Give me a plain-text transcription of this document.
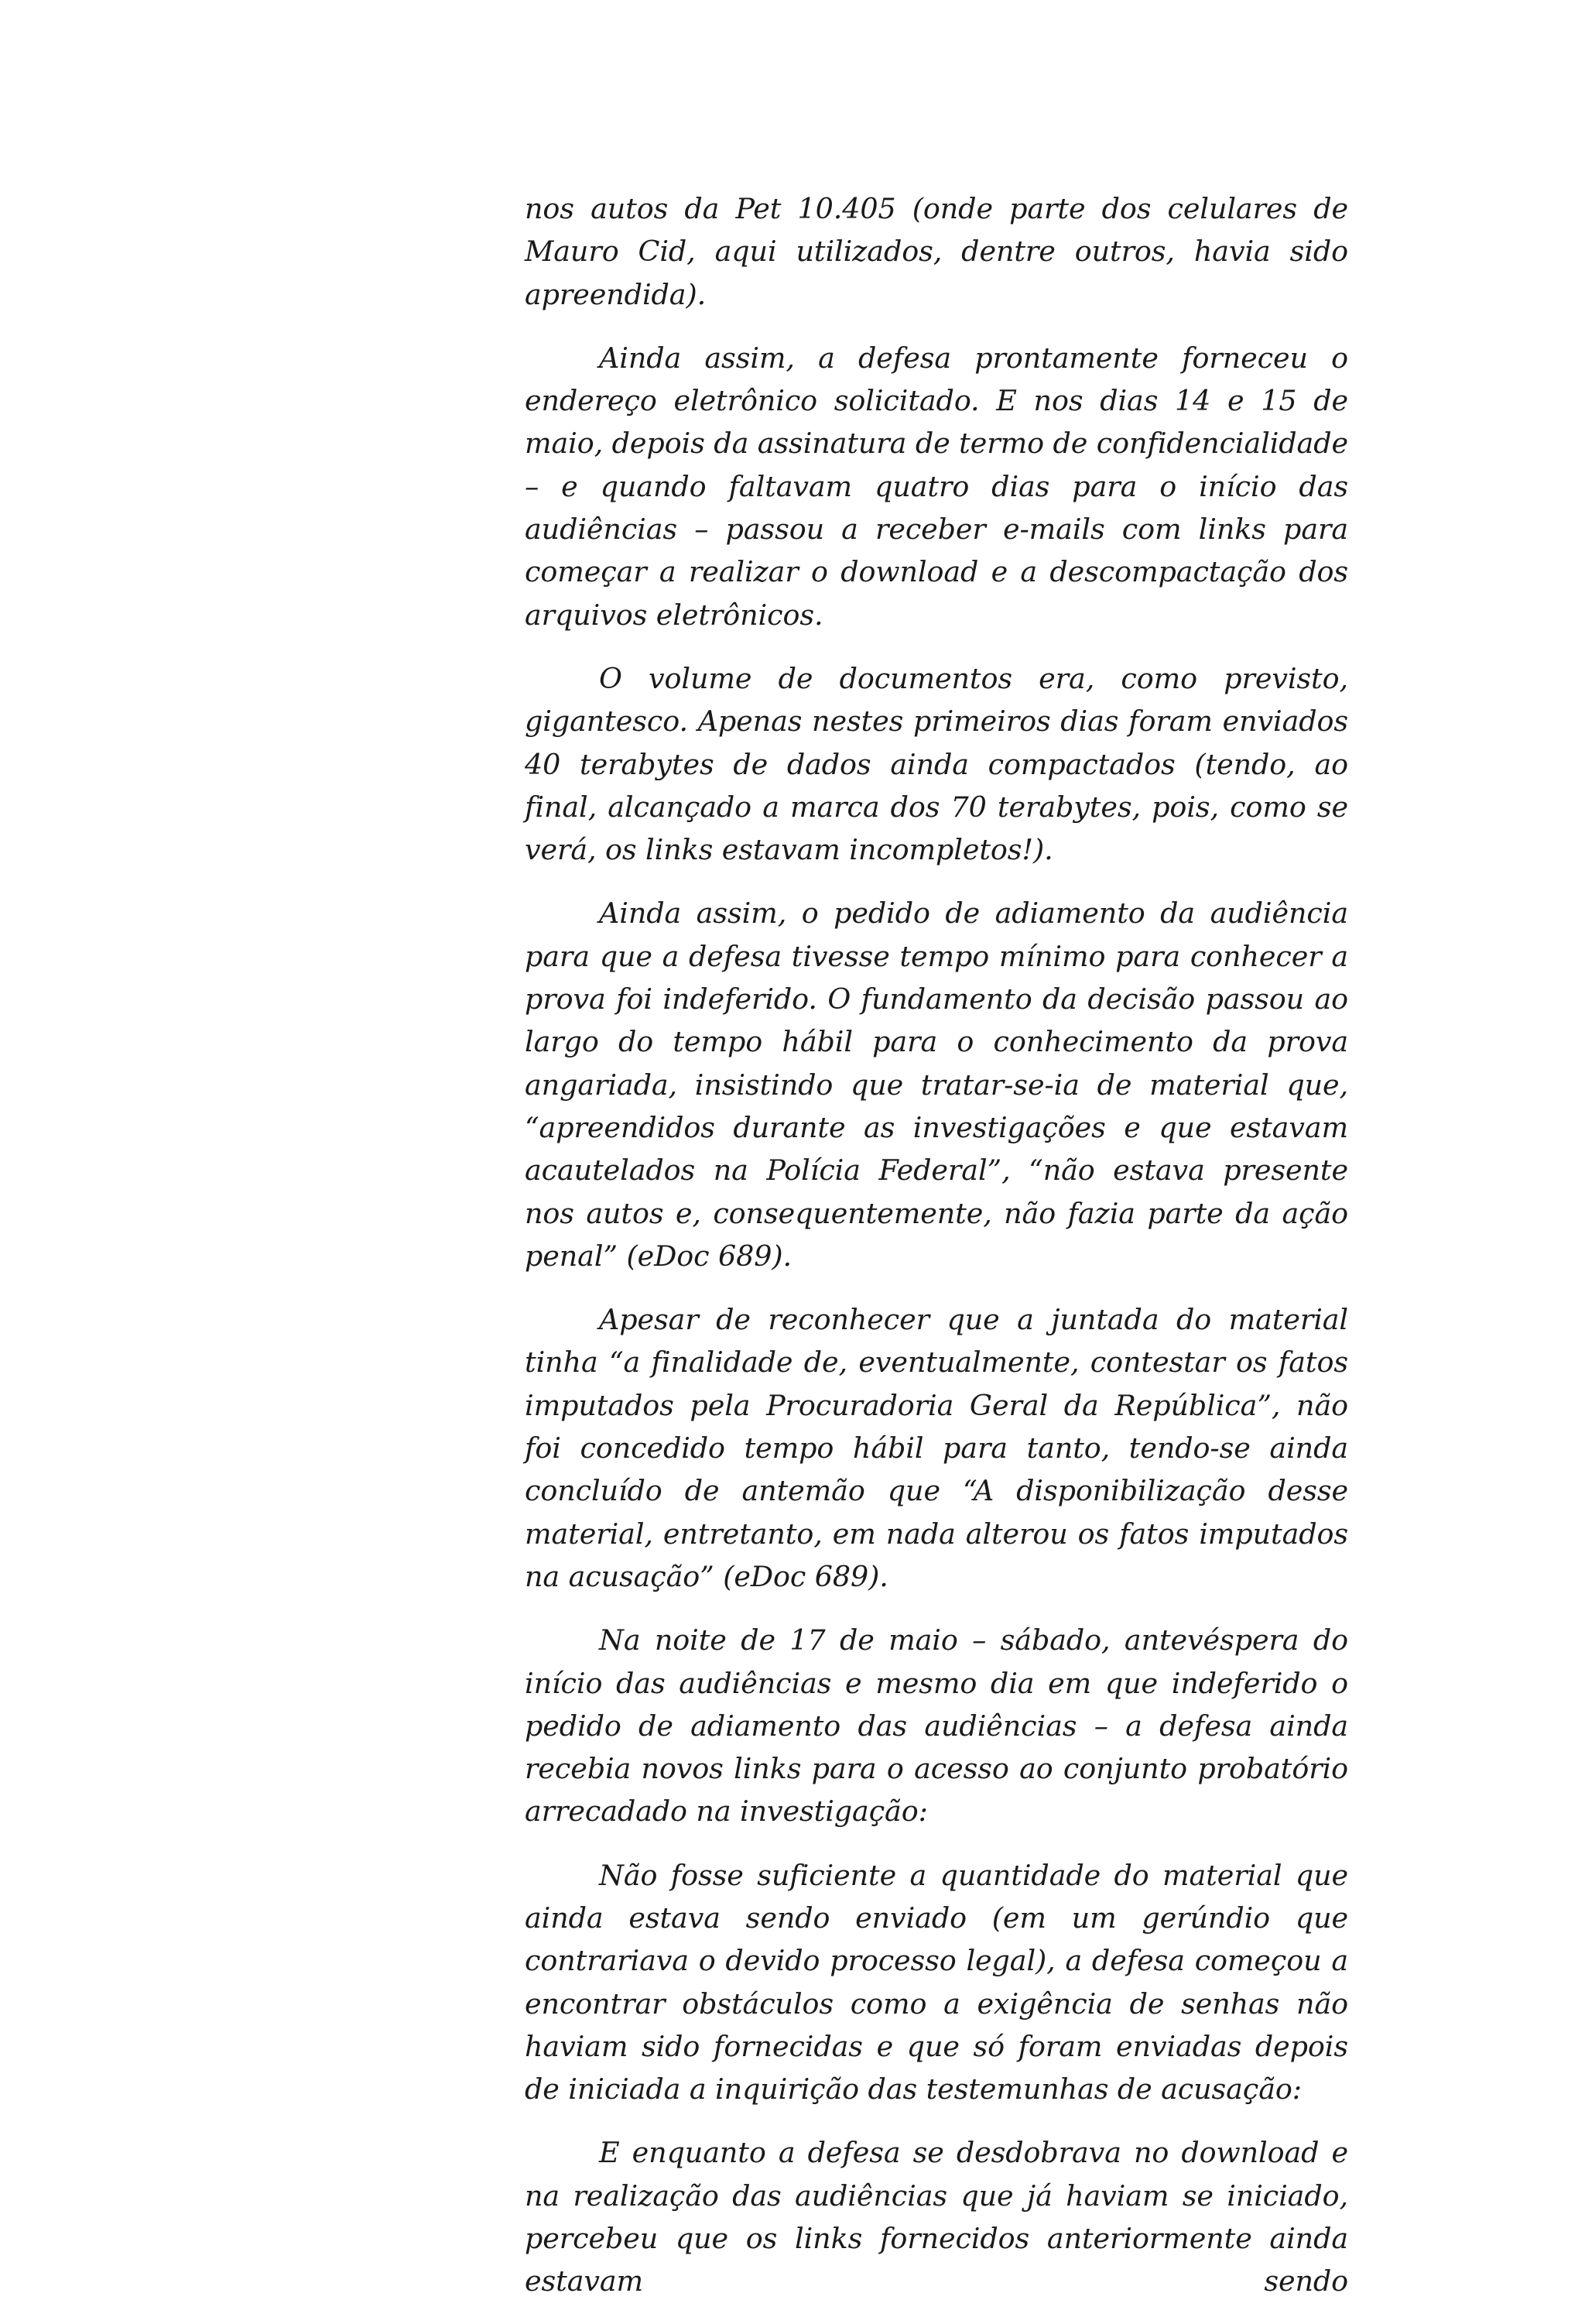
nos autos da Pet 10.405 (onde parte dos celulares de Mauro Cid, aqui utilizados, dentre outros, havia sido apreendida).

Ainda assim, a defesa prontamente forneceu o endereço eletrônico solicitado. E nos dias 14 e 15 de maio, depois da assinatura de termo de confidencialidade – e quando faltavam quatro dias para o início das audiências – passou a receber e-mails com links para começar a realizar o download e a descompactação dos arquivos eletrônicos.

O volume de documentos era, como previsto, gigantesco. Apenas nestes primeiros dias foram enviados 40 terabytes de dados ainda compactados (tendo, ao final, alcançado a marca dos 70 terabytes, pois, como se verá, os links estavam incompletos!).

Ainda assim, o pedido de adiamento da audiência para que a defesa tivesse tempo mínimo para conhecer a prova foi indeferido. O fundamento da decisão passou ao largo do tempo hábil para o conhecimento da prova angariada, insistindo que tratar-se-ia de material que, “apreendidos durante as investigações e que estavam acautelados na Polícia Federal”, “não estava presente nos autos e, consequentemente, não fazia parte da ação penal” (eDoc 689).

Apesar de reconhecer que a juntada do material tinha “a finalidade de, eventualmente, contestar os fatos imputados pela Procuradoria Geral da República”, não foi concedido tempo hábil para tanto, tendo-se ainda concluído de antemão que “A disponibilização desse material, entretanto, em nada alterou os fatos imputados na acusação” (eDoc 689).

Na noite de 17 de maio – sábado, antevéspera do início das audiências e mesmo dia em que indeferido o pedido de adiamento das audiências – a defesa ainda recebia novos links para o acesso ao conjunto probatório arrecadado na investigação:

Não fosse suficiente a quantidade do material que ainda estava sendo enviado (em um gerúndio que contrariava o devido processo legal), a defesa começou a encontrar obstáculos como a exigência de senhas não haviam sido fornecidas e que só foram enviadas depois de iniciada a inquirição das testemunhas de acusação:

E enquanto a defesa se desdobrava no download e na realização das audiências que já haviam se iniciado, percebeu que os links fornecidos anteriormente ainda estavam sendo
